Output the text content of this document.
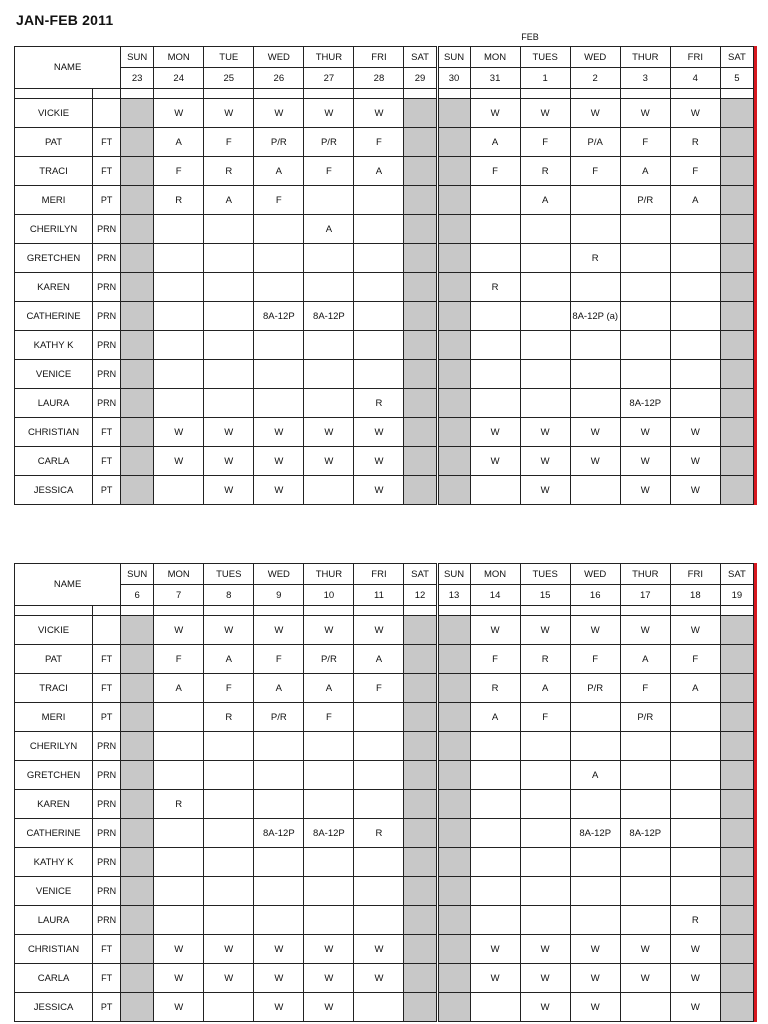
JAN-FEB 2011
FEB
NAME		SUN	MON	TUE	WED	THUR	FRI	SAT	SUN	MON	TUES	WED	THUR	FRI	SAT
		23	24	25	26	27	28	29	30	31	1	2	3	4	5

VICKIE			W	W	W	W	W			W	W	W	W	W	
PAT	FT		A	F	P/R	P/R	F			A	F	P/A	F	R	
TRACI	FT		F	R	A	F	A			F	R	F	A	F	
MERI	PT		R	A	F						A		P/R	A	
CHERILYN	PRN					A									
GRETCHEN	PRN											R			
KAREN	PRN									R					
CATHERINE	PRN				8A-12P	8A-12P						8A-12P (a)			
KATHY K	PRN														
VENICE	PRN														
LAURA	PRN						R						8A-12P		
CHRISTIAN	FT		W	W	W	W	W			W	W	W	W	W	
CARLA	FT		W	W	W	W	W			W	W	W	W	W	
JESSICA	PT			W	W		W				W		W	W	
NAME		SUN	MON	TUES	WED	THUR	FRI	SAT	SUN	MON	TUES	WED	THUR	FRI	SAT
		6	7	8	9	10	11	12	13	14	15	16	17	18	19

VICKIE			W	W	W	W	W			W	W	W	W	W	
PAT	FT		F	A	F	P/R	A			F	R	F	A	F	
TRACI	FT		A	F	A	A	F			R	A	P/R	F	A	
MERI	PT			R	P/R	F				A	F		P/R		
CHERILYN	PRN														
GRETCHEN	PRN											A			
KAREN	PRN		R												
CATHERINE	PRN				8A-12P	8A-12P	R					8A-12P	8A-12P		
KATHY K	PRN														
VENICE	PRN														
LAURA	PRN													R	
CHRISTIAN	FT		W	W	W	W	W			W	W	W	W	W	
CARLA	FT		W	W	W	W	W			W	W	W	W	W	
JESSICA	PT		W		W	W					W	W		W	
